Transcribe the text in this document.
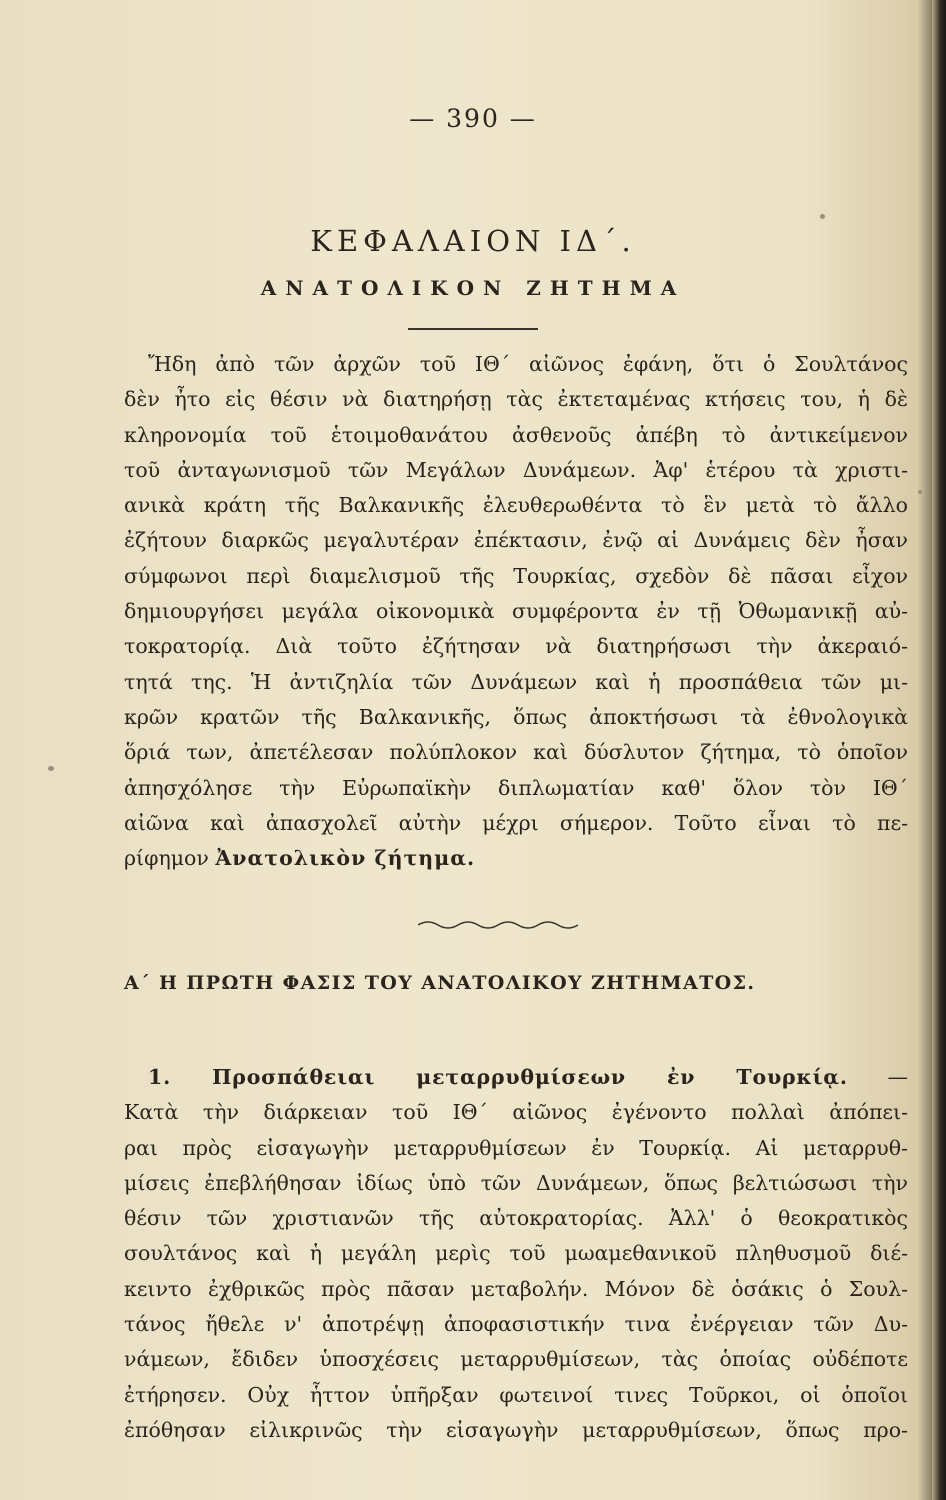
— 390 —
ΚΕΦΑΛΑΙΟΝ ΙΔ΄.
ΑΝΑΤΟΛΙΚΟΝ ΖΗΤΗΜΑ
Ἤδη ἀπὸ τῶν ἀρχῶν τοῦ ΙΘ΄ αἰῶνος ἐφάνη, ὅτι ὁ Σουλτάνος
δὲν ἦτο εἰς θέσιν νὰ διατηρήσῃ τὰς ἐκτεταμένας κτήσεις του, ἡ δὲ
κληρονομία τοῦ ἑτοιμοθανάτου ἀσθενοῦς ἀπέβη τὸ ἀντικείμενον
τοῦ ἀνταγωνισμοῦ τῶν Μεγάλων Δυνάμεων. Ἀφ' ἑτέρου τὰ χριστι-
ανικὰ κράτη τῆς Βαλκανικῆς ἐλευθερωθέντα τὸ ἓν μετὰ τὸ ἄλλο
ἐζήτουν διαρκῶς μεγαλυτέραν ἐπέκτασιν, ἐνῷ αἱ Δυνάμεις δὲν ἦσαν
σύμφωνοι περὶ διαμελισμοῦ τῆς Τουρκίας, σχεδὸν δὲ πᾶσαι εἶχον
δημιουργήσει μεγάλα οἰκονομικὰ συμφέροντα ἐν τῇ Ὀθωμανικῇ αὐ-
τοκρατορίᾳ. Διὰ τοῦτο ἐζήτησαν νὰ διατηρήσωσι τὴν ἀκεραιό-
τητά της. Ἡ ἀντιζηλία τῶν Δυνάμεων καὶ ἡ προσπάθεια τῶν μι-
κρῶν κρατῶν τῆς Βαλκανικῆς, ὅπως ἀποκτήσωσι τὰ ἐθνολογικὰ
ὅριά των, ἀπετέλεσαν πολύπλοκον καὶ δύσλυτον ζήτημα, τὸ ὁποῖον
ἀπησχόλησε τὴν Εὐρωπαϊκὴν διπλωματίαν καθ' ὅλον τὸν ΙΘ΄
αἰῶνα καὶ ἀπασχολεῖ αὐτὴν μέχρι σήμερον. Τοῦτο εἶναι τὸ πε-
ρίφημον Ἀνατολικὸν ζήτημα.
Α΄ Η ΠΡΩΤΗ ΦΑΣΙΣ ΤΟΥ ΑΝΑΤΟΛΙΚΟΥ ΖΗΤΗΜΑΤΟΣ.
1. Προσπάθειαι μεταρρυθμίσεων ἐν Τουρκίᾳ. —
Κατὰ τὴν διάρκειαν τοῦ ΙΘ΄ αἰῶνος ἐγένοντο πολλαὶ ἀπόπει-
ραι πρὸς εἰσαγωγὴν μεταρρυθμίσεων ἐν Τουρκίᾳ. Αἱ μεταρρυθ-
μίσεις ἐπεβλήθησαν ἰδίως ὑπὸ τῶν Δυνάμεων, ὅπως βελτιώσωσι τὴν
θέσιν τῶν χριστιανῶν τῆς αὐτοκρατορίας. Ἀλλ' ὁ θεοκρατικὸς
σουλτάνος καὶ ἡ μεγάλη μερὶς τοῦ μωαμεθανικοῦ πληθυσμοῦ διέ-
κειντο ἐχθρικῶς πρὸς πᾶσαν μεταβολήν. Μόνον δὲ ὁσάκις ὁ Σουλ-
τάνος ἤθελε ν' ἀποτρέψῃ ἀποφασιστικήν τινα ἐνέργειαν τῶν Δυ-
νάμεων, ἔδιδεν ὑποσχέσεις μεταρρυθμίσεων, τὰς ὁποίας οὐδέποτε
ἐτήρησεν. Οὐχ ἧττον ὑπῆρξαν φωτεινοί τινες Τοῦρκοι, οἱ ὁποῖοι
ἐπόθησαν εἰλικρινῶς τὴν εἰσαγωγὴν μεταρρυθμίσεων, ὅπως προ-
